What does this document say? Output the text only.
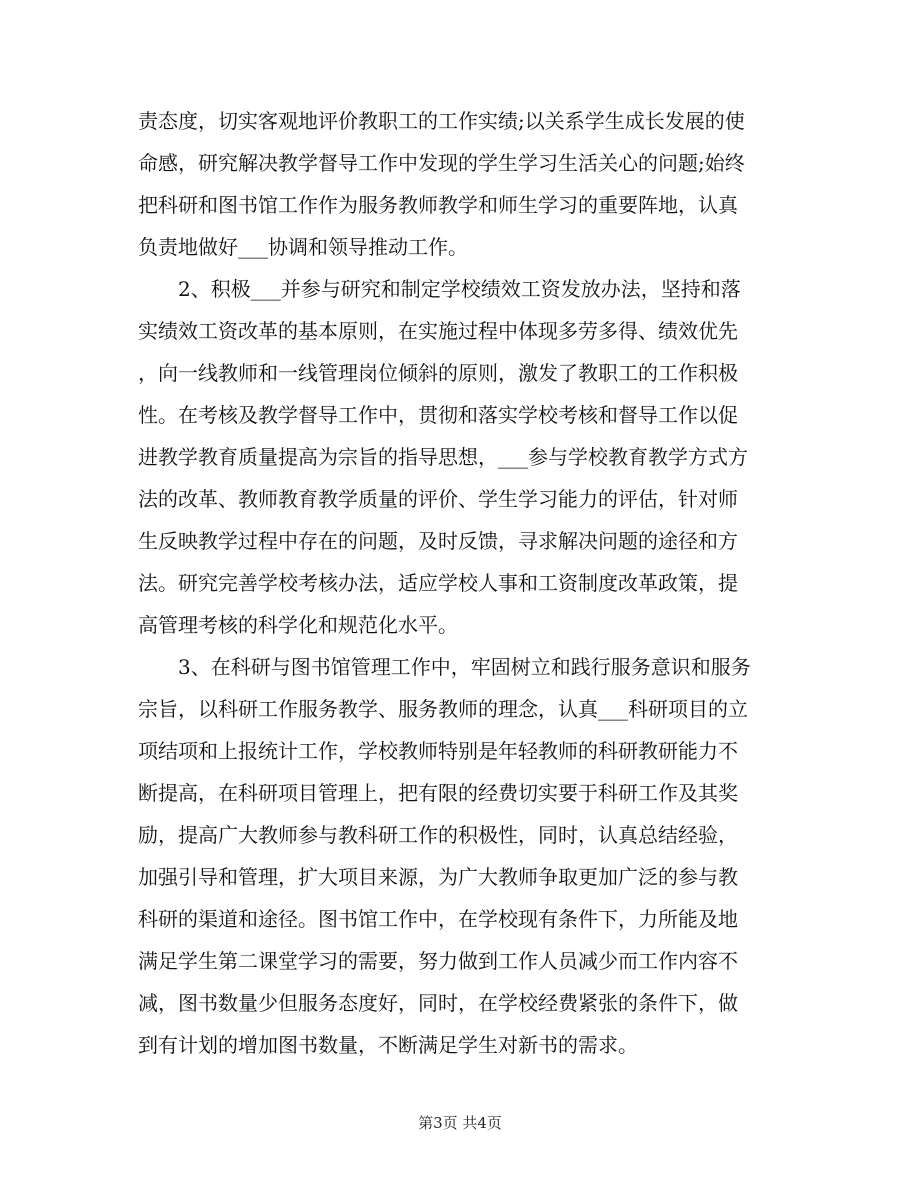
责态度，切实客观地评价教职工的工作实绩;以关系学生成长发展的使
命感，研究解决教学督导工作中发现的学生学习生活关心的问题;始终
把科研和图书馆工作作为服务教师教学和师生学习的重要阵地，认真
负责地做好___协调和领导推动工作。
2、积极___并参与研究和制定学校绩效工资发放办法，坚持和落
实绩效工资改革的基本原则，在实施过程中体现多劳多得、绩效优先
，向一线教师和一线管理岗位倾斜的原则，激发了教职工的工作积极
性。在考核及教学督导工作中，贯彻和落实学校考核和督导工作以促
进教学教育质量提高为宗旨的指导思想，___参与学校教育教学方式方
法的改革、教师教育教学质量的评价、学生学习能力的评估，针对师
生反映教学过程中存在的问题，及时反馈，寻求解决问题的途径和方
法。研究完善学校考核办法，适应学校人事和工资制度改革政策，提
高管理考核的科学化和规范化水平。
3、在科研与图书馆管理工作中，牢固树立和践行服务意识和服务
宗旨，以科研工作服务教学、服务教师的理念，认真___科研项目的立
项结项和上报统计工作，学校教师特别是年轻教师的科研教研能力不
断提高，在科研项目管理上，把有限的经费切实要于科研工作及其奖
励，提高广大教师参与教科研工作的积极性，同时，认真总结经验，
加强引导和管理，扩大项目来源，为广大教师争取更加广泛的参与教
科研的渠道和途径。图书馆工作中，在学校现有条件下，力所能及地
满足学生第二课堂学习的需要，努力做到工作人员减少而工作内容不
减，图书数量少但服务态度好，同时，在学校经费紧张的条件下，做
到有计划的增加图书数量，不断满足学生对新书的需求。
第3页 共4页
